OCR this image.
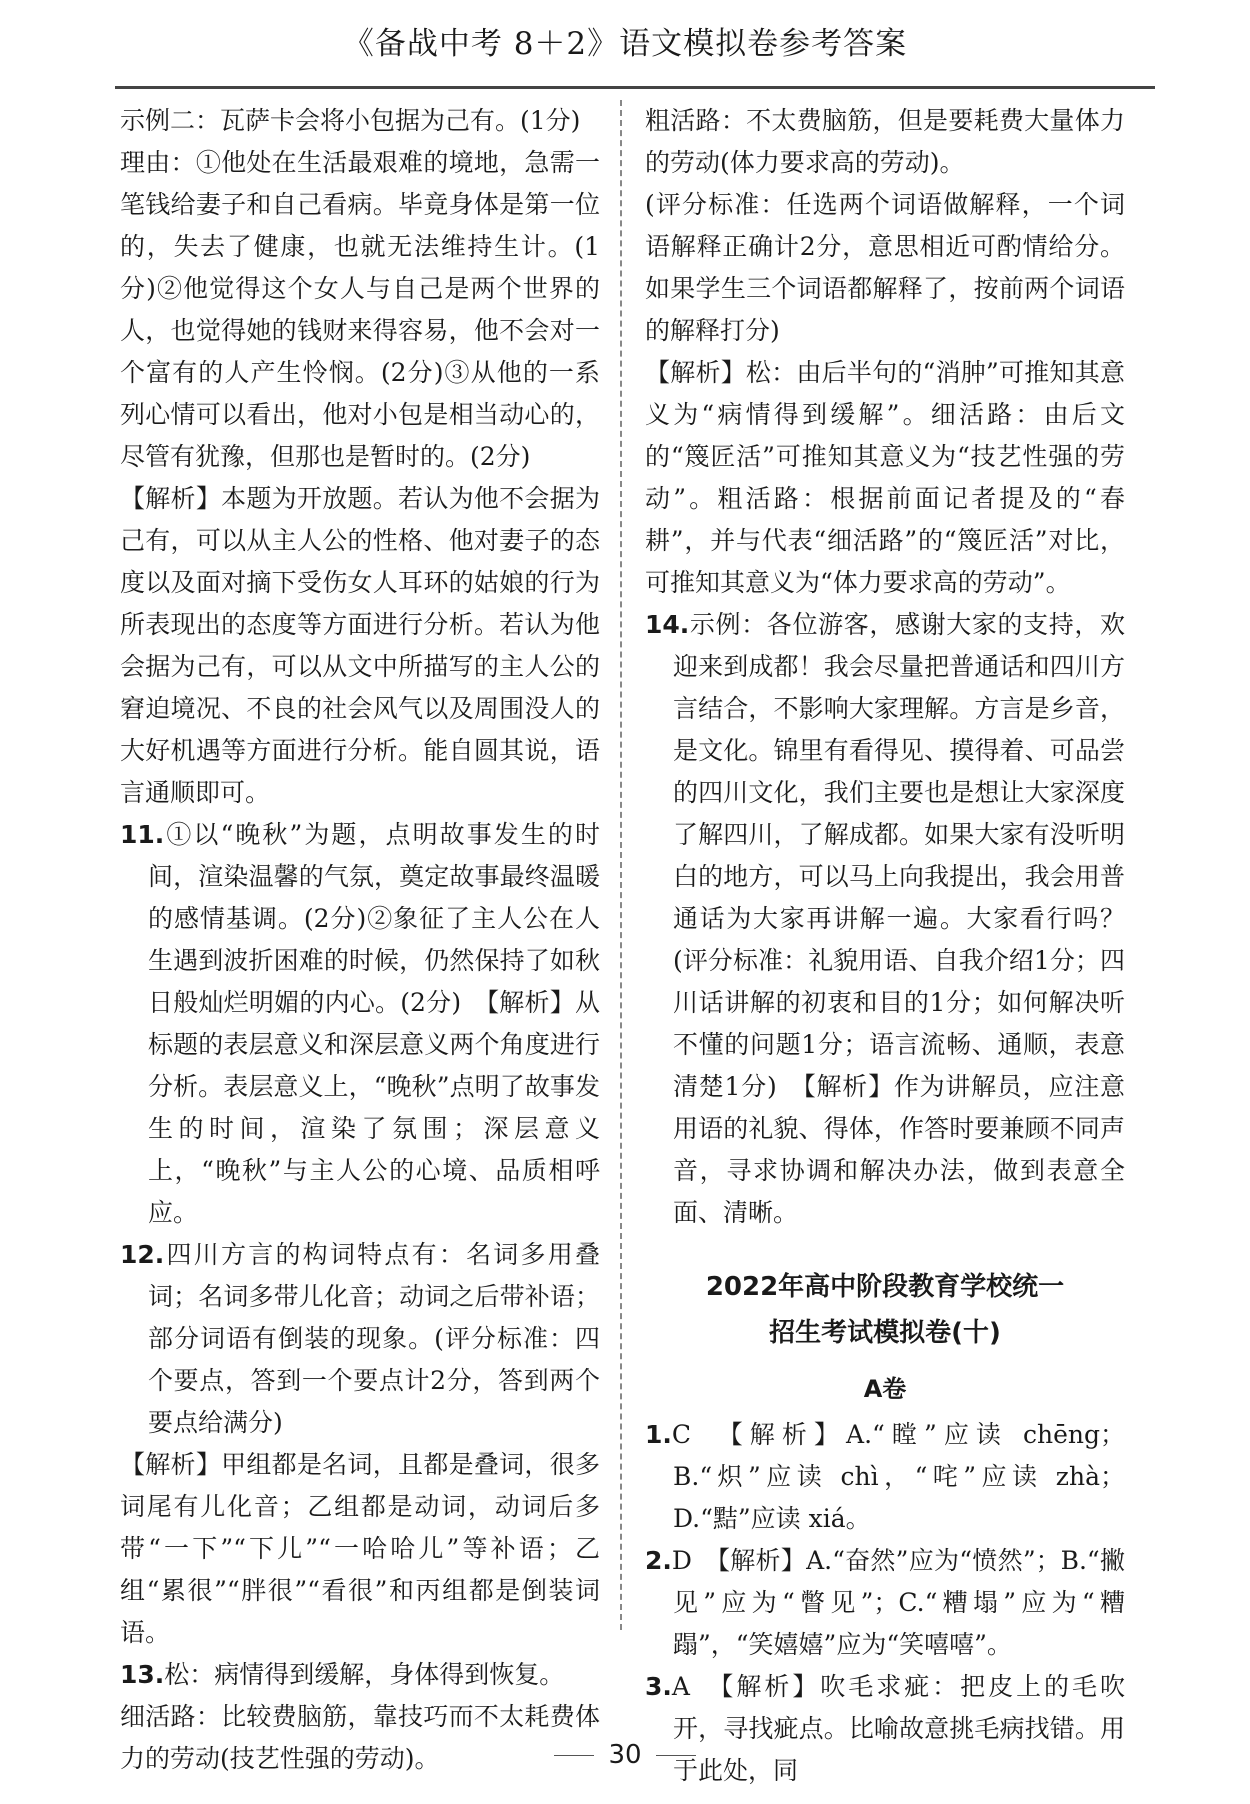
《备战中考 8＋2》语文模拟卷参考答案

示例二：瓦萨卡会将小包据为己有。(1分)

理由：①他处在生活最艰难的境地，急需一笔钱给妻子和自己看病。毕竟身体是第一位的，失去了健康，也就无法维持生计。(1分)②他觉得这个女人与自己是两个世界的人，也觉得她的钱财来得容易，他不会对一个富有的人产生怜悯。(2分)③从他的一系列心情可以看出，他对小包是相当动心的，尽管有犹豫，但那也是暂时的。(2分)

【解析】本题为开放题。若认为他不会据为己有，可以从主人公的性格、他对妻子的态度以及面对摘下受伤女人耳环的姑娘的行为所表现出的态度等方面进行分析。若认为他会据为己有，可以从文中所描写的主人公的窘迫境况、不良的社会风气以及周围没人的大好机遇等方面进行分析。能自圆其说，语言通顺即可。

11.①以“晚秋”为题，点明故事发生的时间，渲染温馨的气氛，奠定故事最终温暖的感情基调。(2分)②象征了主人公在人生遇到波折困难的时候，仍然保持了如秋日般灿烂明媚的内心。(2分)　【解析】从标题的表层意义和深层意义两个角度进行分析。表层意义上，“晚秋”点明了故事发生的时间，渲染了氛围；深层意义上，“晚秋”与主人公的心境、品质相呼应。

12.四川方言的构词特点有：名词多用叠词；名词多带儿化音；动词之后带补语；部分词语有倒装的现象。(评分标准：四个要点，答到一个要点计2分，答到两个要点给满分)

【解析】甲组都是名词，且都是叠词，很多词尾有儿化音；乙组都是动词，动词后多带“一下”“下儿”“一哈哈儿”等补语；乙组“累很”“胖很”“看很”和丙组都是倒装词语。

13.松：病情得到缓解，身体得到恢复。

细活路：比较费脑筋，靠技巧而不太耗费体力的劳动(技艺性强的劳动)。

粗活路：不太费脑筋，但是要耗费大量体力的劳动(体力要求高的劳动)。

(评分标准：任选两个词语做解释，一个词语解释正确计2分，意思相近可酌情给分。如果学生三个词语都解释了，按前两个词语的解释打分)

【解析】松：由后半句的“消肿”可推知其意义为“病情得到缓解”。细活路：由后文的“篾匠活”可推知其意义为“技艺性强的劳动”。粗活路：根据前面记者提及的“春耕”，并与代表“细活路”的“篾匠活”对比，可推知其意义为“体力要求高的劳动”。

14.示例：各位游客，感谢大家的支持，欢迎来到成都！我会尽量把普通话和四川方言结合，不影响大家理解。方言是乡音，是文化。锦里有看得见、摸得着、可品尝的四川文化，我们主要也是想让大家深度了解四川，了解成都。如果大家有没听明白的地方，可以马上向我提出，我会用普通话为大家再讲解一遍。大家看行吗？(评分标准：礼貌用语、自我介绍1分；四川话讲解的初衷和目的1分；如何解决听不懂的问题1分；语言流畅、通顺，表意清楚1分)　【解析】作为讲解员，应注意用语的礼貌、得体，作答时要兼顾不同声音，寻求协调和解决办法，做到表意全面、清晰。

2022年高中阶段教育学校统一
招生考试模拟卷(十)
A卷

1.C　【解析】A.“瞠”应读 chēng；B.“炽”应读 chì，“咤”应读 zhà；D.“黠”应读 xiá。

2.D　【解析】A.“奋然”应为“愤然”；B.“撇见”应为“瞥见”；C.“糟塌”应为“糟蹋”，“笑嬉嬉”应为“笑嘻嘻”。

3.A　【解析】吹毛求疵：把皮上的毛吹开，寻找疵点。比喻故意挑毛病找错。用于此处，同

30
